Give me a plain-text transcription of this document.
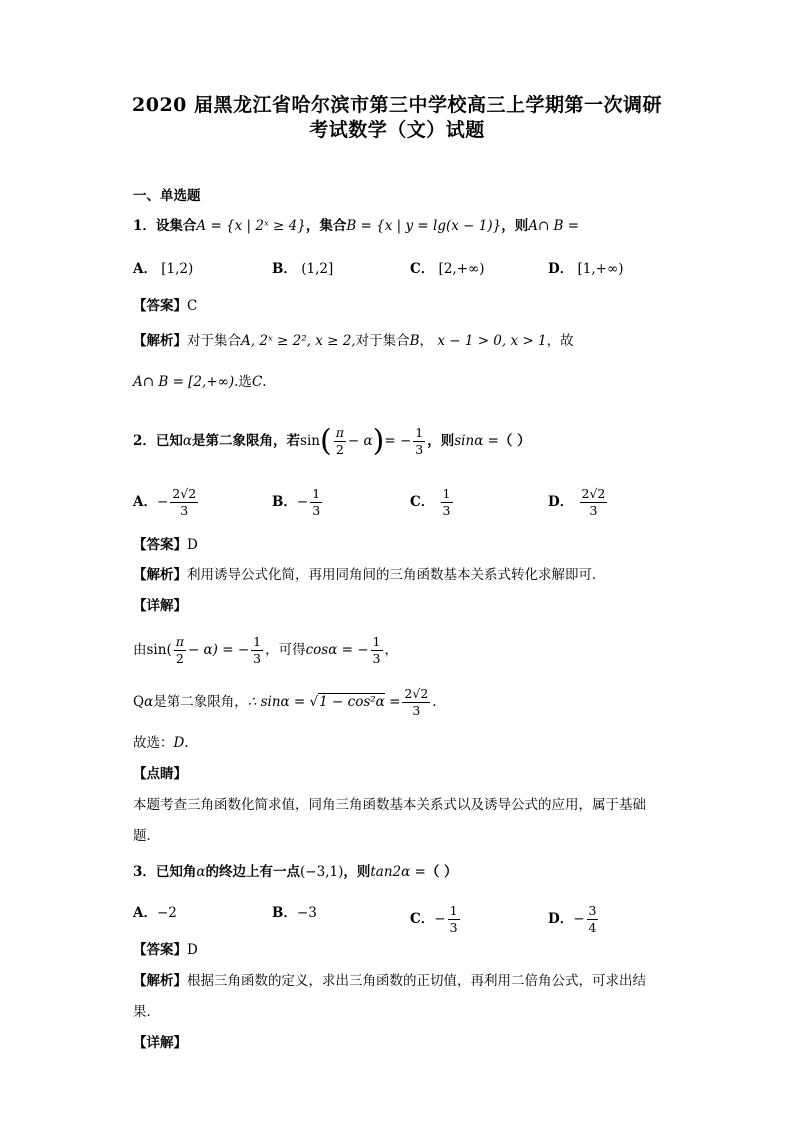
2020 届黑龙江省哈尔滨市第三中学校高三上学期第一次调研
考试数学（文）试题
一、单选题
1．设集合A = {x | 2ˣ ≥ 4}，集合B = {x | y = lg(x − 1)}，则A∩ B =
A． [1,2)	B． (1,2]	C． [2,+∞)	D． [1,+∞)
【答案】C
【解析】对于集合A, 2ˣ ≥ 2², x ≥ 2,对于集合B， x − 1 > 0, x > 1，故
A∩ B = [2,+∞).选C.
2．已知α是第二象限角，若$\sin( \frac{\pi}{2} - \alpha)= - \frac{1}{3}$ ，则sinα =（ ）
A．− $\frac{2√2}{3}$	B．− $\frac{1}{3}$	C． $\frac{1}{3}$	D． $\frac{2√2}{3}$
【答案】D
【解析】利用诱导公式化简，再用同角间的三角函数基本关系式转化求解即可．
【详解】
由$\sin( \frac{\pi}{2} - \alpha)$ = − $\frac{1}{3}$ ，可得cosα = − $\frac{1}{3}$ ，
Qα是第二象限角，∴ $\sin\alpha = √1 - \cos^2\alpha = \frac{2√2}{3}$ .
故选：D.
【点睛】
本题考查三角函数化简求值，同角三角函数基本关系式以及诱导公式的应用，属于基础
题．
3．已知角α的终边上有一点(−3,1)，则tan2α =（ ）
A．−2	B．−3	C．− $\frac{1}{3}$	D．− $\frac{3}{4}$
【答案】D
【解析】根据三角函数的定义，求出三角函数的正切值，再利用二倍角公式，可求出结
果．
【详解】
